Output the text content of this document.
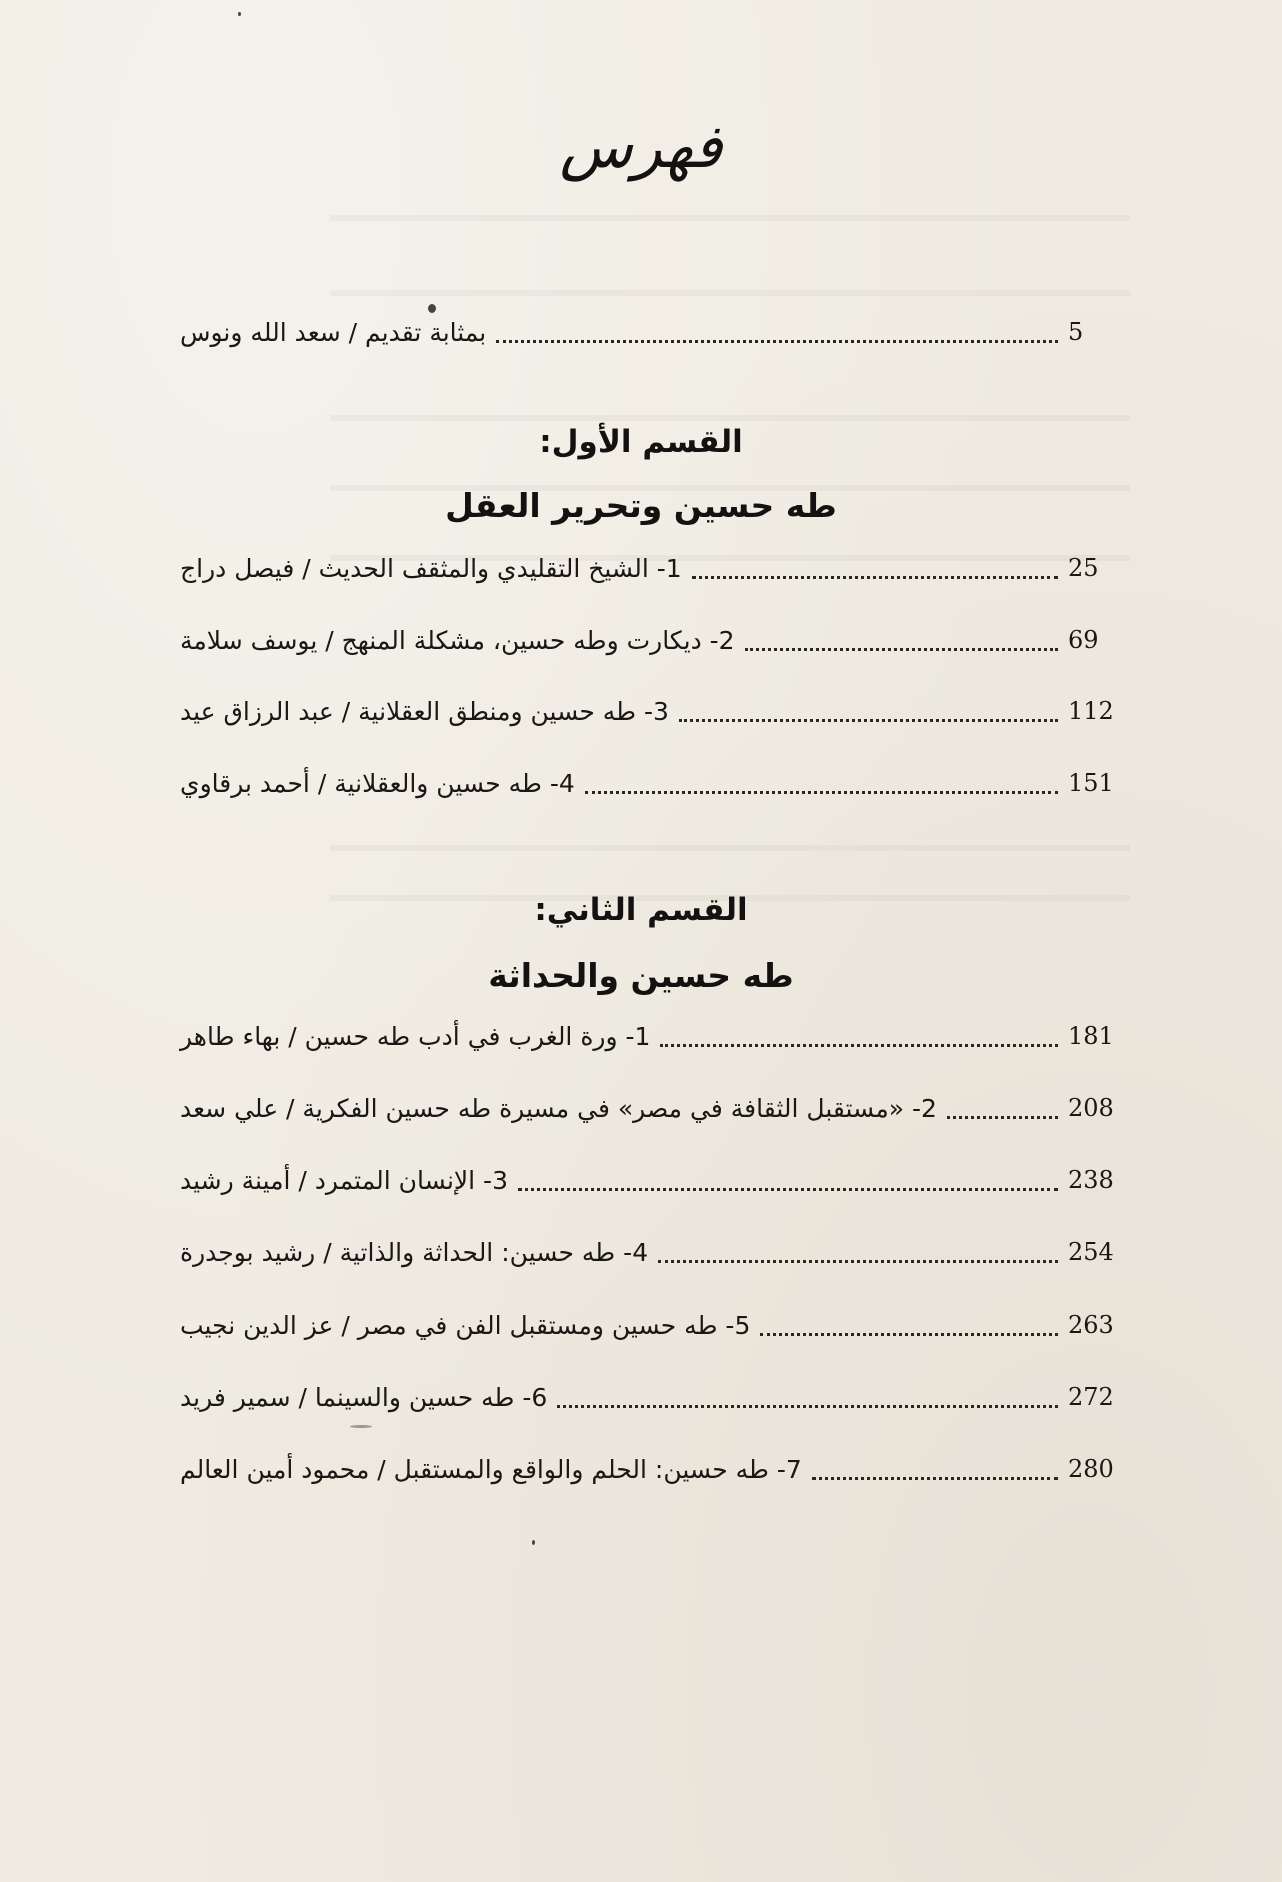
فهرس
بمثابة تقديم / سعد الله ونوس	5
القسم الأول:
طه حسين وتحرير العقل
1- الشيخ التقليدي والمثقف الحديث / فيصل دراج	25
2- ديكارت وطه حسين، مشكلة المنهج / يوسف سلامة	69
3- طه حسين ومنطق العقلانية / عبد الرزاق عيد	112
4- طه حسين والعقلانية / أحمد برقاوي	151
القسم الثاني:
طه حسين والحداثة
1- ورة الغرب في أدب طه حسين / بهاء طاهر	181
2- «مستقبل الثقافة في مصر» في مسيرة طه حسين الفكرية / علي سعد	208
3- الإنسان المتمرد / أمينة رشيد	238
4- طه حسين: الحداثة والذاتية / رشيد بوجدرة	254
5- طه حسين ومستقبل الفن في مصر / عز الدين نجيب	263
6- طه حسين والسينما / سمير فريد	272
7- طه حسين: الحلم والواقع والمستقبل / محمود أمين العالم	280
